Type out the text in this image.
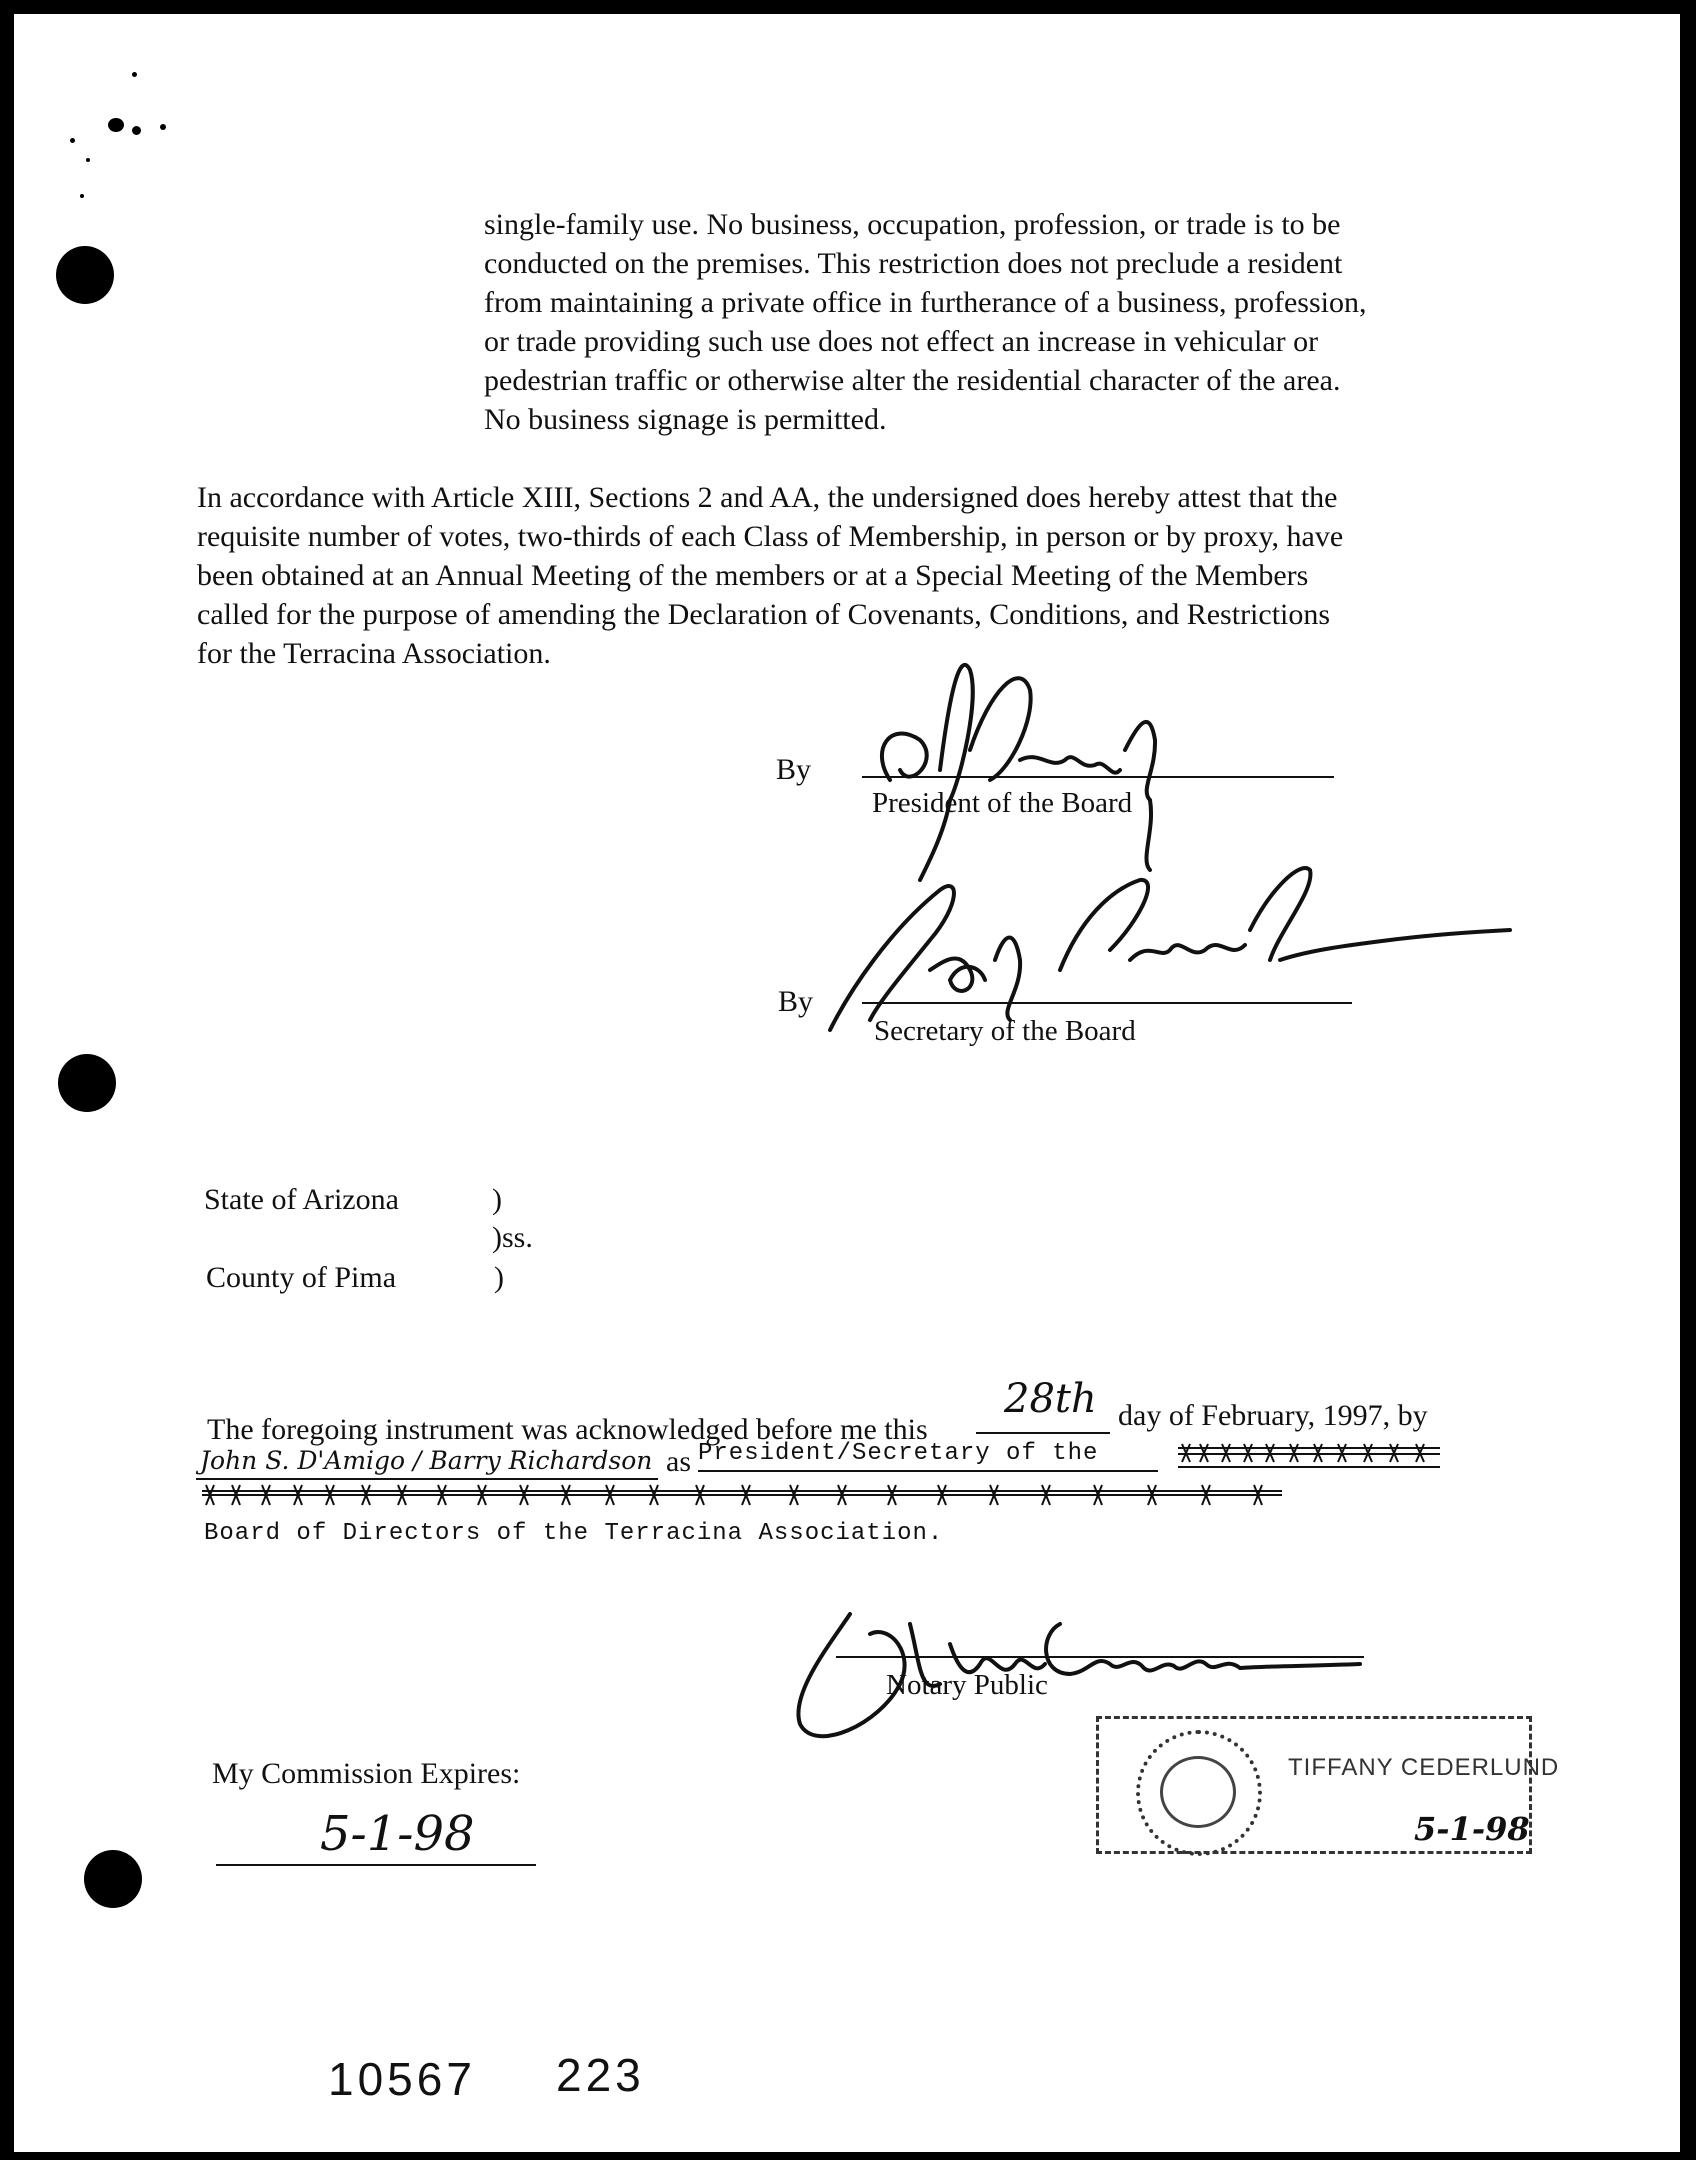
single-family use. No business, occupation, profession, or trade is to be
conducted on the premises. This restriction does not preclude a resident
from maintaining a private office in furtherance of a business, profession,
or trade providing such use does not effect an increase in vehicular or
pedestrian traffic or otherwise alter the residential character of the area.
No business signage is permitted.
In accordance with Article XIII, Sections 2 and AA, the undersigned does hereby attest that the
requisite number of votes, two-thirds of each Class of Membership, in person or by proxy, have
been obtained at an Annual Meeting of the members or at a Special Meeting of the Members
called for the purpose of amending the Declaration of Covenants, Conditions, and Restrictions
for the Terracina Association.
By
President of the Board
By
Secretary of the Board
State of Arizona	)
)ss.
County of Pima	)
The foregoing instrument was acknowledged before me this
28th day of February, 1997, by
John S. D'Amigo / Barry Richardson as President/Secretary of the
Board of Directors of the Terracina Association.
Notary Public
TIFFANY CEDERLUND
5-1-98
My Commission Expires:
5-1-98
10567 223
